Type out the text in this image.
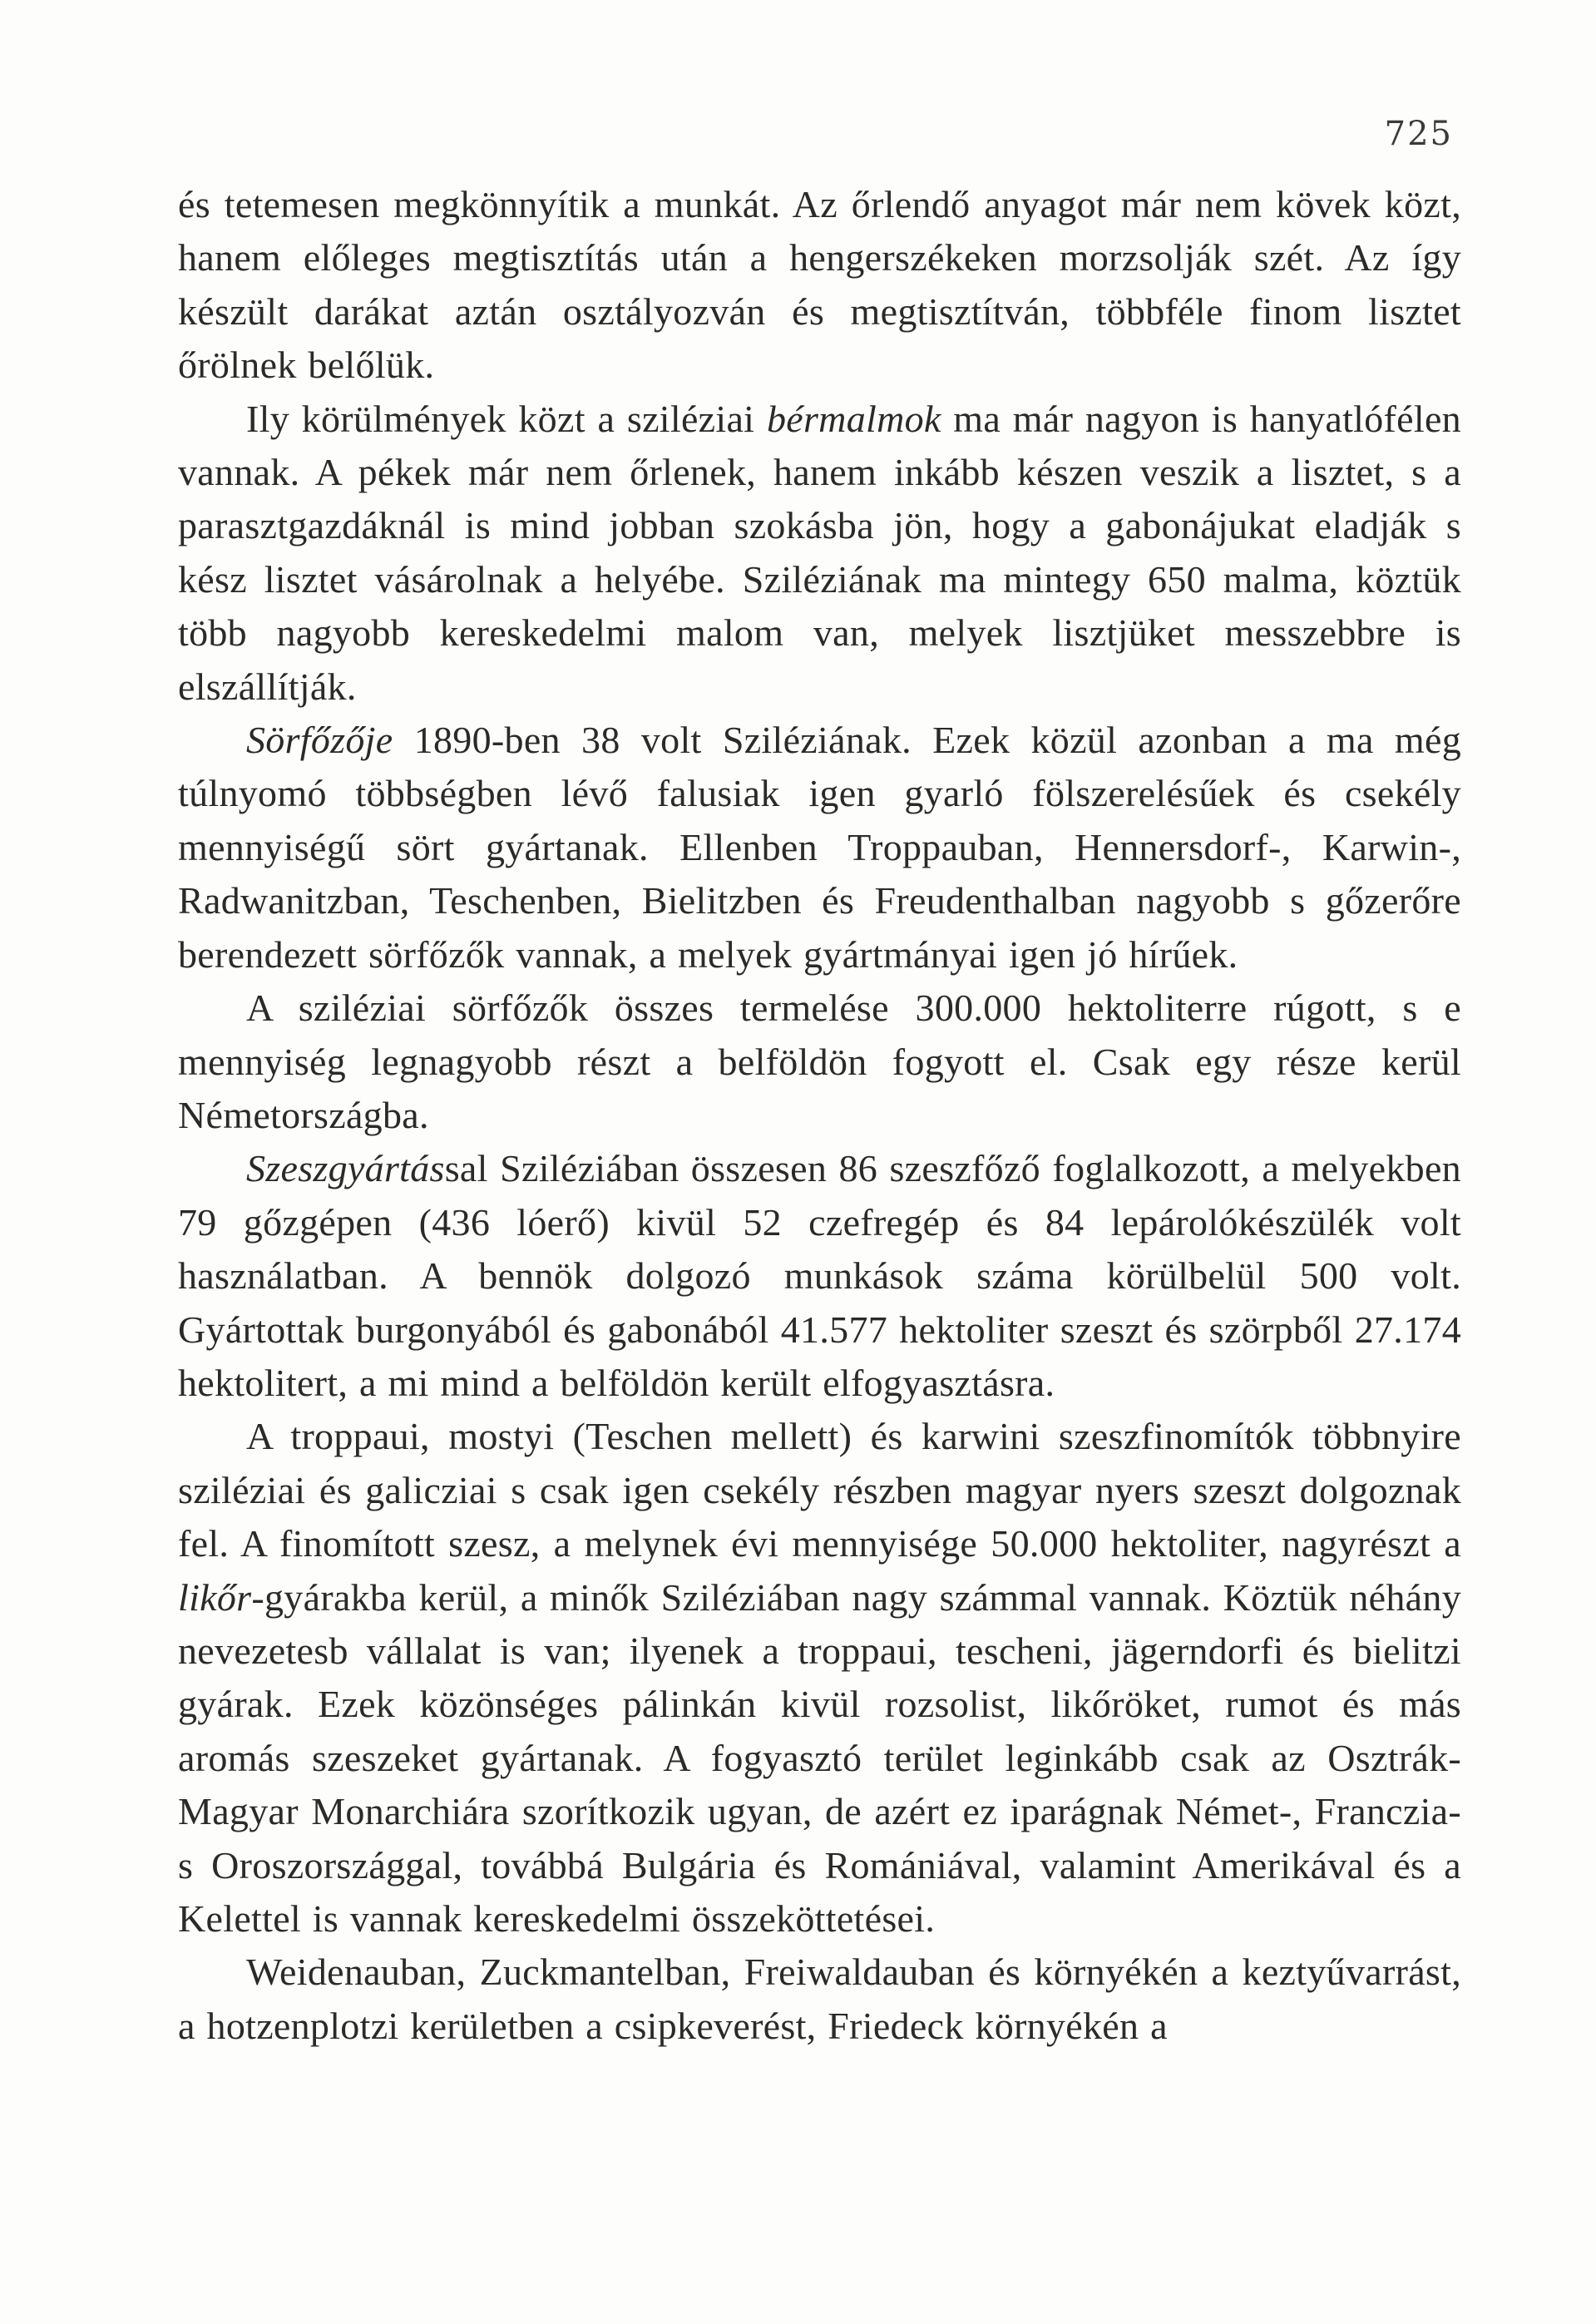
725

és tetemesen megkönnyítik a munkát. Az őrlendő anyagot már nem kövek közt, hanem előleges megtisztítás után a hengerszékeken morzsolják szét. Az így készült darákat aztán osztályozván és megtisztítván, többféle finom lisztet őrölnek belőlük.

Ily körülmények közt a sziléziai bérmalmok ma már nagyon is hanyatlófélen vannak. A pékek már nem őrlenek, hanem inkább készen veszik a lisztet, s a parasztgazdáknál is mind jobban szokásba jön, hogy a gabonájukat eladják s kész lisztet vásárolnak a helyébe. Sziléziának ma mintegy 650 malma, köztük több nagyobb kereskedelmi malom van, melyek lisztjüket messzebbre is elszállítják.

Sörfőzője 1890-ben 38 volt Sziléziának. Ezek közül azonban a ma még túlnyomó többségben lévő falusiak igen gyarló fölszerelésűek és csekély mennyiségű sört gyártanak. Ellenben Troppauban, Hennersdorf-, Karwin-, Radwanitzban, Teschenben, Bielitzben és Freudenthalban nagyobb s gőzerőre berendezett sörfőzők vannak, a melyek gyártmányai igen jó hírűek.

A sziléziai sörfőzők összes termelése 300.000 hektoliterre rúgott, s e mennyiség legnagyobb részt a belföldön fogyott el. Csak egy része kerül Németországba.

Szeszgyártással Sziléziában összesen 86 szeszfőző foglalkozott, a melyekben 79 gőzgépen (436 lóerő) kivül 52 czefregép és 84 lepárolókészülék volt használatban. A bennök dolgozó munkások száma körülbelül 500 volt. Gyártottak burgonyából és gabonából 41.577 hektoliter szeszt és szörpből 27.174 hektolitert, a mi mind a belföldön került elfogyasztásra.

A troppaui, mostyi (Teschen mellett) és karwini szeszfinomítók többnyire sziléziai és galicziai s csak igen csekély részben magyar nyers szeszt dolgoznak fel. A finomított szesz, a melynek évi mennyisége 50.000 hektoliter, nagyrészt a likőr-gyárakba kerül, a minők Sziléziában nagy számmal vannak. Köztük néhány nevezetesb vállalat is van; ilyenek a troppaui, tescheni, jägerndorfi és bielitzi gyárak. Ezek közönséges pálinkán kivül rozsolist, likőröket, rumot és más aromás szeszeket gyártanak. A fogyasztó terület leginkább csak az Osztrák-Magyar Monarchiára szorítkozik ugyan, de azért ez iparágnak Német-, Franczia- s Oroszországgal, továbbá Bulgária és Romániával, valamint Amerikával és a Kelettel is vannak kereskedelmi összeköttetései.

Weidenauban, Zuckmantelban, Freiwaldauban és környékén a keztyűvarrást, a hotzenplotzi kerületben a csipkeverést, Friedeck környékén a
